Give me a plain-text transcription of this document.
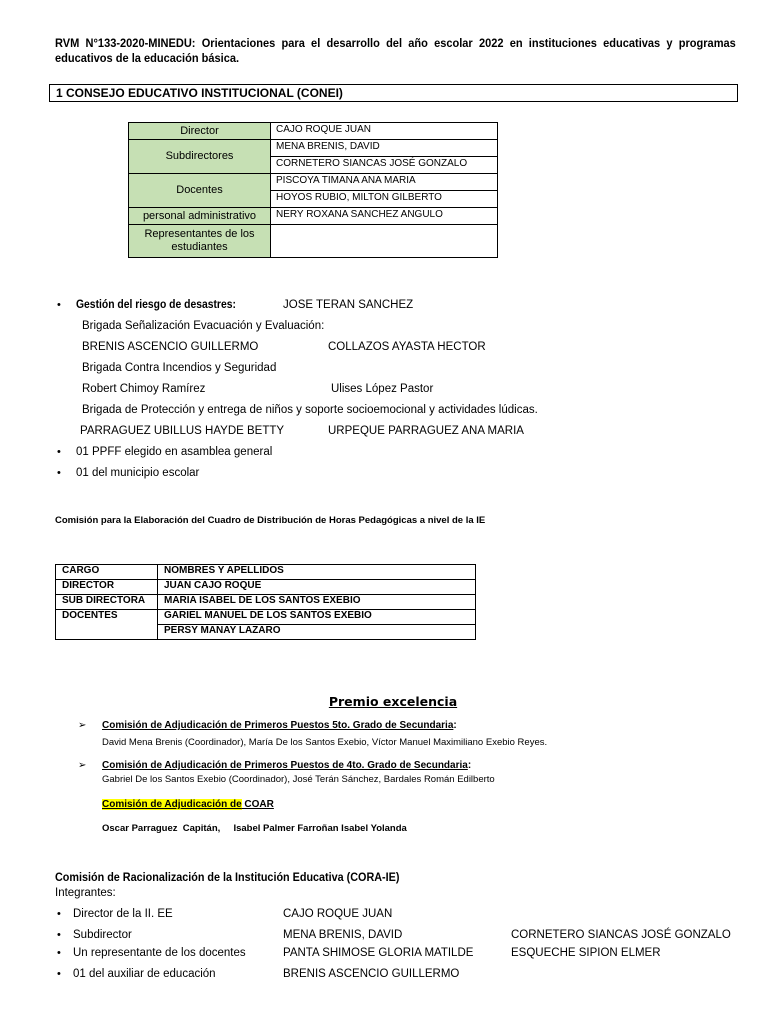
RVM N°133-2020-MINEDU: Orientaciones para el desarrollo del año escolar 2022 en instituciones educativas y programas educativos de la educación básica.
1 CONSEJO EDUCATIVO INSTITUCIONAL (CONEI)
Director	CAJO ROQUE JUAN
Subdirectores	MENA BRENIS, DAVID
	CORNETERO SIANCAS JOSÉ GONZALO
Docentes	PISCOYA TIMANA ANA MARIA
	HOYOS RUBIO, MILTON GILBERTO
personal administrativo	NERY ROXANA SANCHEZ ANGULO
Representantes de los estudiantes	
• Gestión del riesgo de desastres:	JOSE TERAN SANCHEZ
Brigada Señalización Evacuación y Evaluación:
BRENIS ASCENCIO GUILLERMO	COLLAZOS AYASTA HECTOR
Brigada Contra Incendios y Seguridad
Robert Chimoy Ramírez	Ulises López Pastor
Brigada de Protección y entrega de niños y soporte socioemocional y actividades lúdicas.
PARRAGUEZ UBILLUS HAYDE BETTY	URPEQUE PARRAGUEZ ANA MARIA
• 01 PPFF elegido en asamblea general
• 01 del municipio escolar
Comisión para la Elaboración del Cuadro de Distribución de Horas Pedagógicas a nivel de la IE
CARGO	NOMBRES Y APELLIDOS
DIRECTOR	JUAN CAJO ROQUE
SUB DIRECTORA	MARIA ISABEL DE LOS SANTOS EXEBIO
DOCENTES	GARIEL MANUEL DE LOS SANTOS EXEBIO
	PERSY MANAY LAZARO
Premio excelencia
➢ Comisión de Adjudicación de Primeros Puestos 5to. Grado de Secundaria:
David Mena Brenis (Coordinador), María De los Santos Exebio, Víctor Manuel Maximiliano Exebio Reyes.
➢ Comisión de Adjudicación de Primeros Puestos de 4to. Grado de Secundaria:
Gabriel De los Santos Exebio (Coordinador), José Terán Sánchez, Bardales Román Edilberto
Comisión de Adjudicación de COAR
Oscar Parraguez  Capitán,     Isabel Palmer Farroñan Isabel Yolanda
Comisión de Racionalización de la Institución Educativa (CORA-IE)
Integrantes:
• Director de la II. EE	CAJO ROQUE JUAN
• Subdirector	MENA BRENIS, DAVID	CORNETERO SIANCAS JOSÉ GONZALO
• Un representante de los docentes	PANTA SHIMOSE GLORIA MATILDE	ESQUECHE SIPION ELMER
• 01 del auxiliar de educación	BRENIS ASCENCIO GUILLERMO
